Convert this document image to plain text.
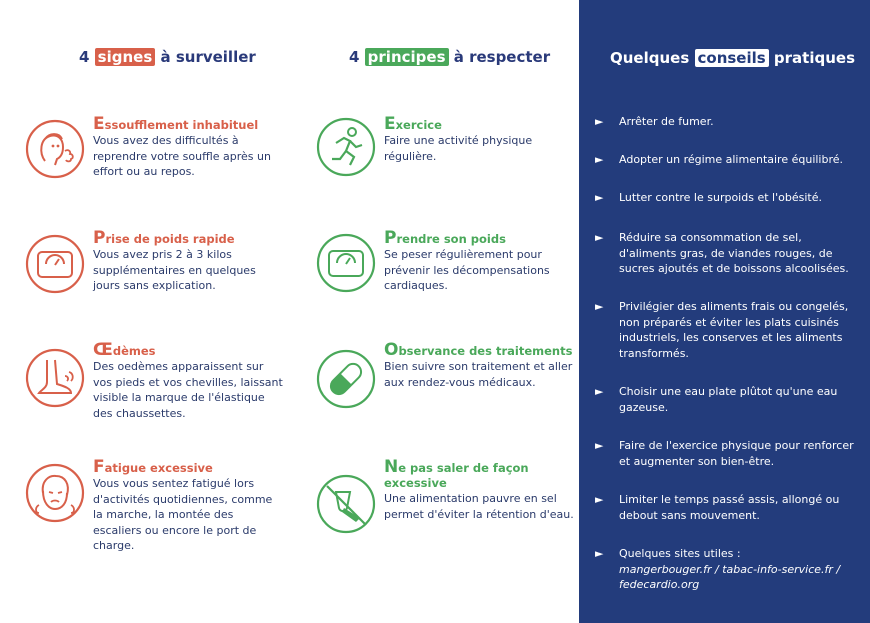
4 signes à surveiller	4 principes à respecter
Essoufflement inhabituel
Vous avez des difficultés à reprendre votre souffle après un effort ou au repos.
Prise de poids rapide
Vous avez pris 2 à 3 kilos supplémentaires en quelques jours sans explication.
Œdèmes
Des oedèmes apparaissent sur vos pieds et vos chevilles, laissant visible la marque de l'élastique des chaussettes.
Fatigue excessive
Vous vous sentez fatigué lors d'activités quotidiennes, comme la marche, la montée des escaliers ou encore le port de charge.
Exercice
Faire une activité physique régulière.
Prendre son poids
Se peser régulièrement pour prévenir les décompensations cardiaques.
Observance des traitements
Bien suivre son traitement et aller aux rendez-vous médicaux.
Ne pas saler de façon excessive
Une alimentation pauvre en sel permet d'éviter la rétention d'eau.
Quelques conseils pratiques
► Arrêter de fumer.
► Adopter un régime alimentaire équilibré.
► Lutter contre le surpoids et l'obésité.
► Réduire sa consommation de sel, d'aliments gras, de viandes rouges, de sucres ajoutés et de boissons alcoolisées.
► Privilégier des aliments frais ou congelés, non préparés et éviter les plats cuisinés industriels, les conserves et les aliments transformés.
► Choisir une eau plate plûtot qu'une eau gazeuse.
► Faire de l'exercice physique pour renforcer et augmenter son bien-être.
► Limiter le temps passé assis, allongé ou debout sans mouvement.
► Quelques sites utiles :
mangerbouger.fr / tabac-info-service.fr / fedecardio.org
